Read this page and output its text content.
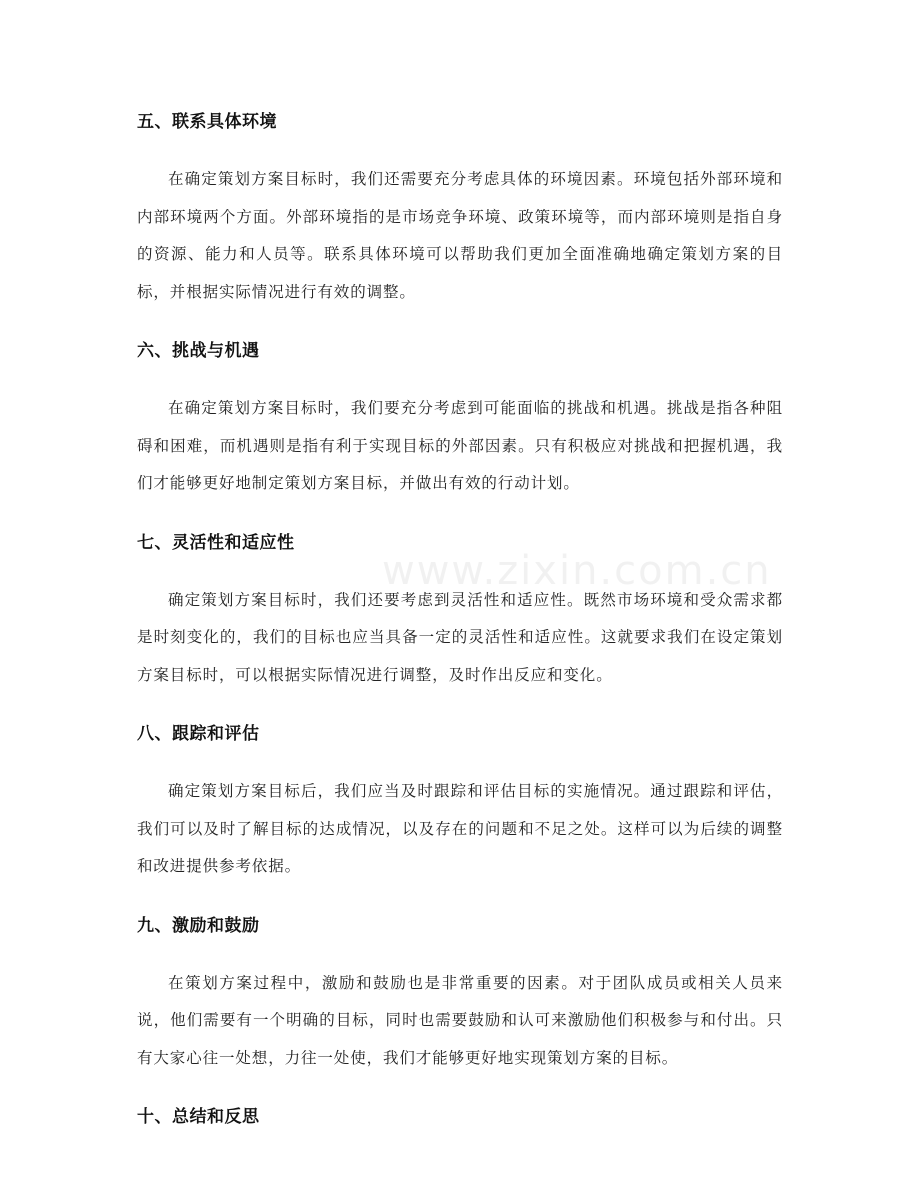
五、联系具体环境

在确定策划方案目标时，我们还需要充分考虑具体的环境因素。环境包括外部环境和内部环境两个方面。外部环境指的是市场竞争环境、政策环境等，而内部环境则是指自身的资源、能力和人员等。联系具体环境可以帮助我们更加全面准确地确定策划方案的目标，并根据实际情况进行有效的调整。

六、挑战与机遇

在确定策划方案目标时，我们要充分考虑到可能面临的挑战和机遇。挑战是指各种阻碍和困难，而机遇则是指有利于实现目标的外部因素。只有积极应对挑战和把握机遇，我们才能够更好地制定策划方案目标，并做出有效的行动计划。

七、灵活性和适应性

确定策划方案目标时，我们还要考虑到灵活性和适应性。既然市场环境和受众需求都是时刻变化的，我们的目标也应当具备一定的灵活性和适应性。这就要求我们在设定策划方案目标时，可以根据实际情况进行调整，及时作出反应和变化。

八、跟踪和评估

确定策划方案目标后，我们应当及时跟踪和评估目标的实施情况。通过跟踪和评估，我们可以及时了解目标的达成情况，以及存在的问题和不足之处。这样可以为后续的调整和改进提供参考依据。

九、激励和鼓励

在策划方案过程中，激励和鼓励也是非常重要的因素。对于团队成员或相关人员来说，他们需要有一个明确的目标，同时也需要鼓励和认可来激励他们积极参与和付出。只有大家心往一处想，力往一处使，我们才能够更好地实现策划方案的目标。

十、总结和反思
www.zixin.com.cn
